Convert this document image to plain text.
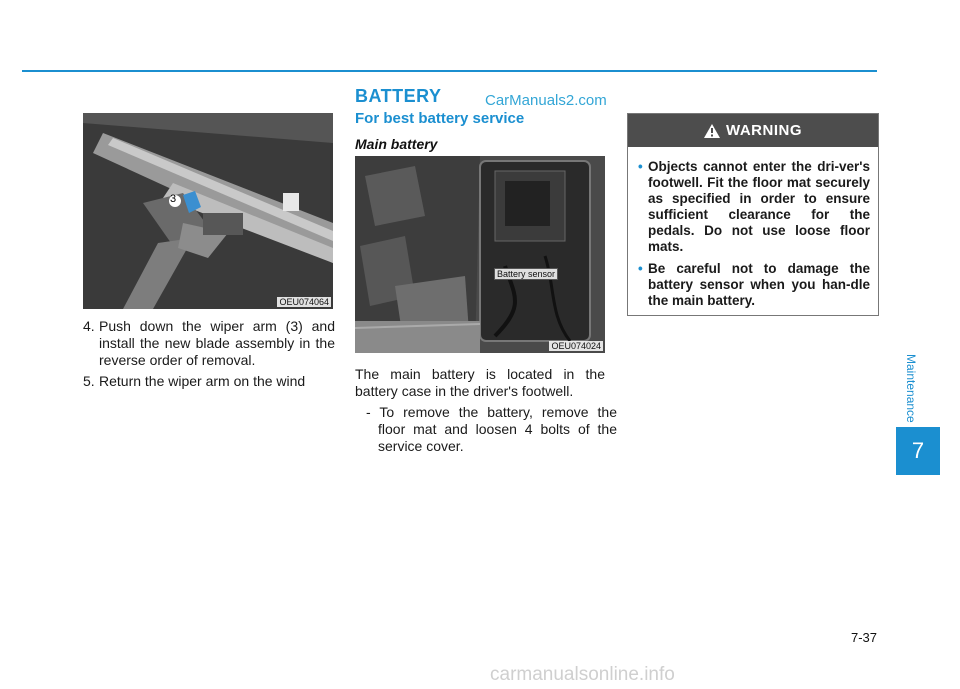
3
OEU074064
4. Push down the wiper arm (3) and install the new blade assembly in the reverse order of removal.
5. Return the wiper arm on the wind
BATTERY	CarManuals2.com
For best battery service
Main battery
Battery sensor
OEU074024

The main battery is located in the battery case in the driver's footwell.

- To remove the battery, remove the floor mat and loosen 4 bolts of the service cover.

WARNING
• Objects cannot enter the dri-ver's footwell. Fit the floor mat securely as specified in order to ensure sufficient clearance for the pedals. Do not use loose floor mats.
• Be careful not to damage the battery sensor when you han-dle the main battery.
Maintenance
7
7-37
carmanualsonline.info
